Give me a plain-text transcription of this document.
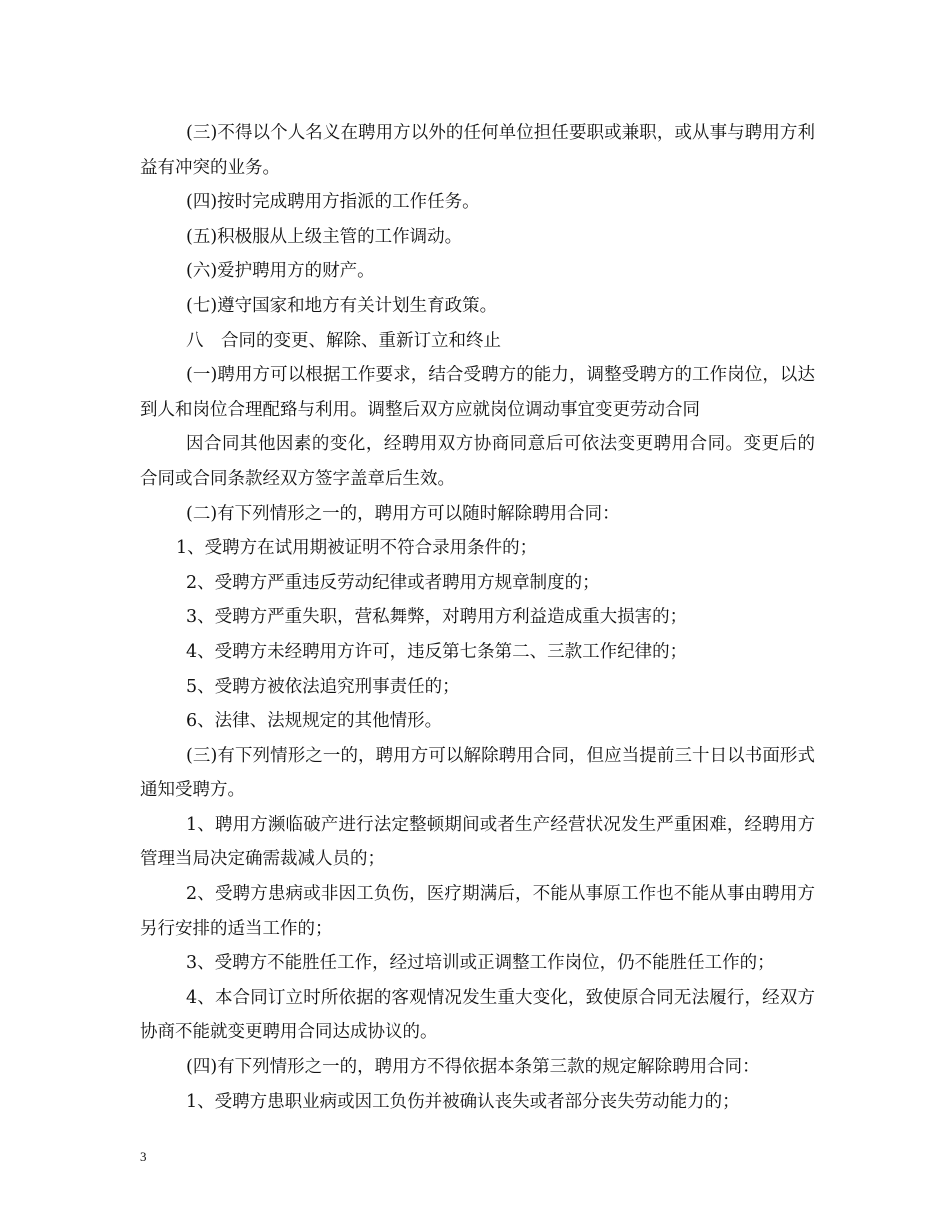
(三)不得以个人名义在聘用方以外的任何单位担任要职或兼职，或从事与聘用方利益有冲突的业务。

(四)按时完成聘用方指派的工作任务。

(五)积极服从上级主管的工作调动。

(六)爱护聘用方的财产。

(七)遵守国家和地方有关计划生育政策。

八　合同的变更、解除、重新订立和终止

(一)聘用方可以根据工作要求，结合受聘方的能力，调整受聘方的工作岗位，以达到人和岗位合理配臵与利用。调整后双方应就岗位调动事宜变更劳动合同

因合同其他因素的变化，经聘用双方协商同意后可依法变更聘用合同。变更后的合同或合同条款经双方签字盖章后生效。

(二)有下列情形之一的，聘用方可以随时解除聘用合同：

1、受聘方在试用期被证明不符合录用条件的；

2、受聘方严重违反劳动纪律或者聘用方规章制度的；

3、受聘方严重失职，营私舞弊，对聘用方利益造成重大损害的；

4、受聘方未经聘用方许可，违反第七条第二、三款工作纪律的；

5、受聘方被依法追究刑事责任的；

6、法律、法规规定的其他情形。

(三)有下列情形之一的，聘用方可以解除聘用合同，但应当提前三十日以书面形式通知受聘方。

1、聘用方濒临破产进行法定整顿期间或者生产经营状况发生严重困难，经聘用方管理当局决定确需裁减人员的；

2、受聘方患病或非因工负伤，医疗期满后，不能从事原工作也不能从事由聘用方另行安排的适当工作的；

3、受聘方不能胜任工作，经过培训或正调整工作岗位，仍不能胜任工作的；

4、本合同订立时所依据的客观情况发生重大变化，致使原合同无法履行，经双方协商不能就变更聘用合同达成协议的。

(四)有下列情形之一的，聘用方不得依据本条第三款的规定解除聘用合同：

1、受聘方患职业病或因工负伤并被确认丧失或者部分丧失劳动能力的；

3
